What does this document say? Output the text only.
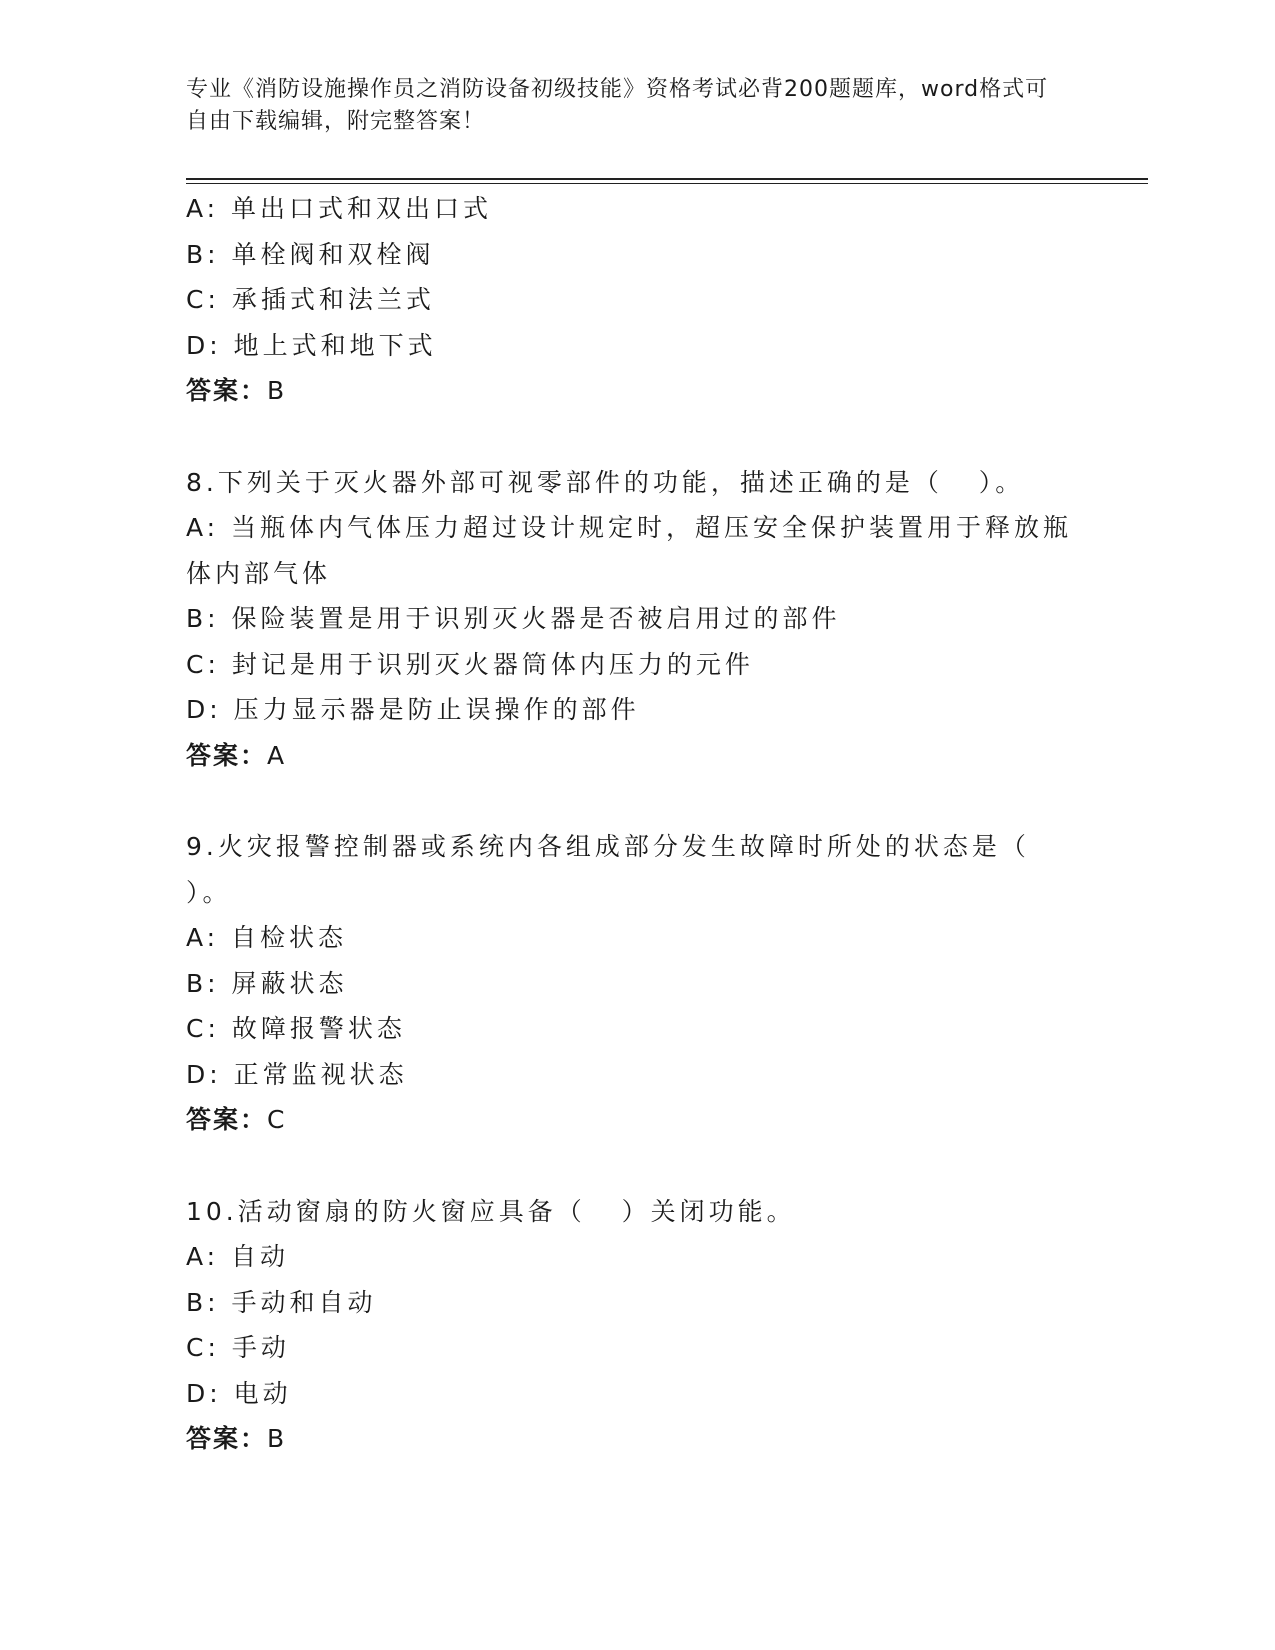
专业《消防设施操作员之消防设备初级技能》资格考试必背200题题库，word格式可自由下载编辑，附完整答案！
A: 单出口式和双出口式
B: 单栓阀和双栓阀
C: 承插式和法兰式
D: 地上式和地下式
答案：B
8.下列关于灭火器外部可视零部件的功能，描述正确的是（   ）。
A: 当瓶体内气体压力超过设计规定时，超压安全保护装置用于释放瓶体内部气体
B: 保险装置是用于识别灭火器是否被启用过的部件
C: 封记是用于识别灭火器筒体内压力的元件
D: 压力显示器是防止误操作的部件
答案：A
9.火灾报警控制器或系统内各组成部分发生故障时所处的状态是（   ）。
A: 自检状态
B: 屏蔽状态
C: 故障报警状态
D: 正常监视状态
答案：C
10.活动窗扇的防火窗应具备（   ）关闭功能。
A: 自动
B: 手动和自动
C: 手动
D: 电动
答案：B
